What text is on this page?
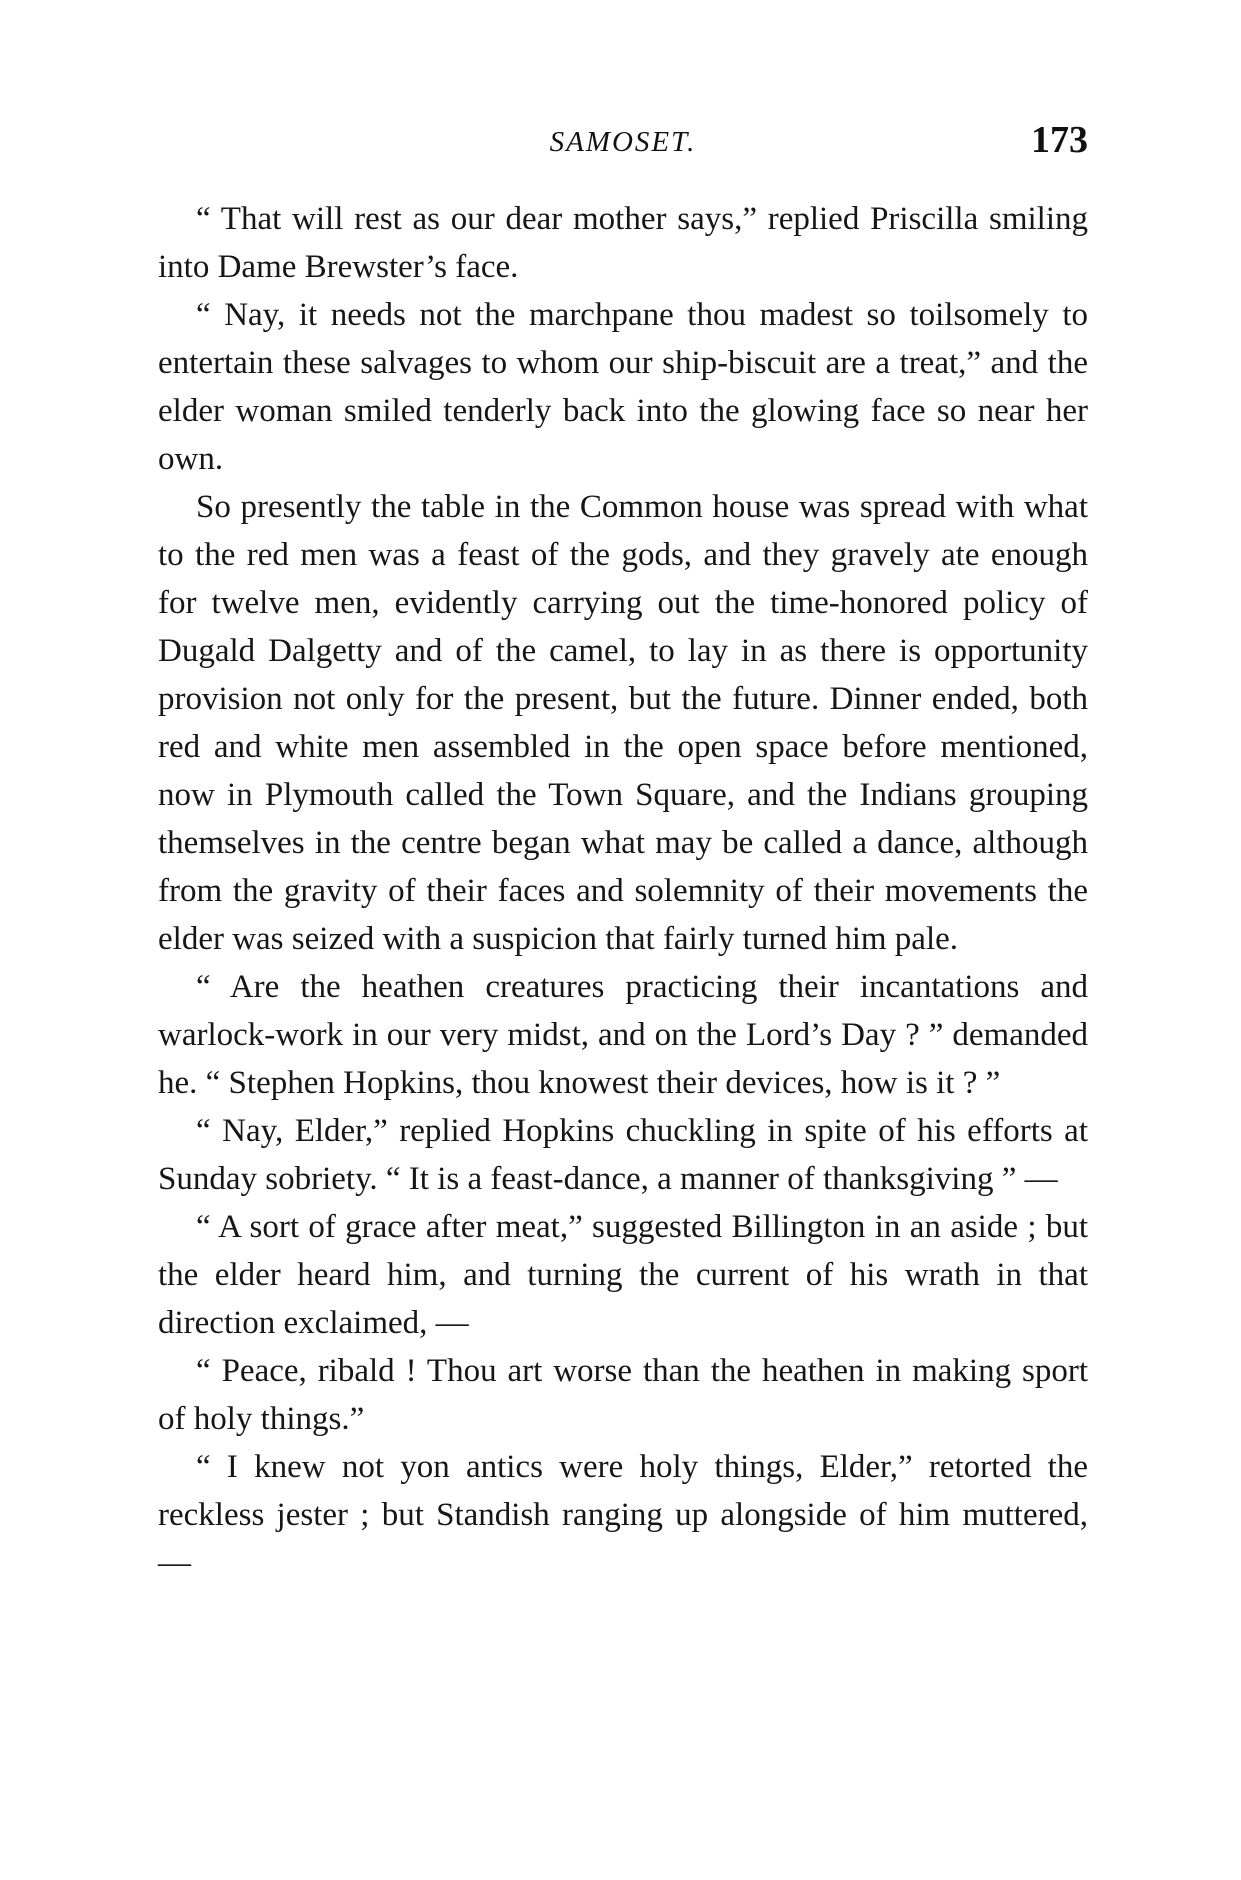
SAMOSET.	173

“ That will rest as our dear mother says,” replied Priscilla smiling into Dame Brewster’s face.

“ Nay, it needs not the marchpane thou madest so toilsomely to entertain these salvages to whom our ship-biscuit are a treat,” and the elder woman smiled tenderly back into the glowing face so near her own.

So presently the table in the Common house was spread with what to the red men was a feast of the gods, and they gravely ate enough for twelve men, evidently carrying out the time-honored policy of Dugald Dalgetty and of the camel, to lay in as there is opportunity provision not only for the present, but the future. Dinner ended, both red and white men assembled in the open space before mentioned, now in Plymouth called the Town Square, and the Indians grouping themselves in the centre began what may be called a dance, although from the gravity of their faces and solemnity of their movements the elder was seized with a suspicion that fairly turned him pale.

“ Are the heathen creatures practicing their incantations and warlock-work in our very midst, and on the Lord’s Day ? ” demanded he. “ Stephen Hopkins, thou knowest their devices, how is it ? ”

“ Nay, Elder,” replied Hopkins chuckling in spite of his efforts at Sunday sobriety. “ It is a feast-dance, a manner of thanksgiving ” —

“ A sort of grace after meat,” suggested Billington in an aside ; but the elder heard him, and turning the current of his wrath in that direction exclaimed, —

“ Peace, ribald ! Thou art worse than the heathen in making sport of holy things.”

“ I knew not yon antics were holy things, Elder,” retorted the reckless jester ; but Standish ranging up alongside of him muttered, —
